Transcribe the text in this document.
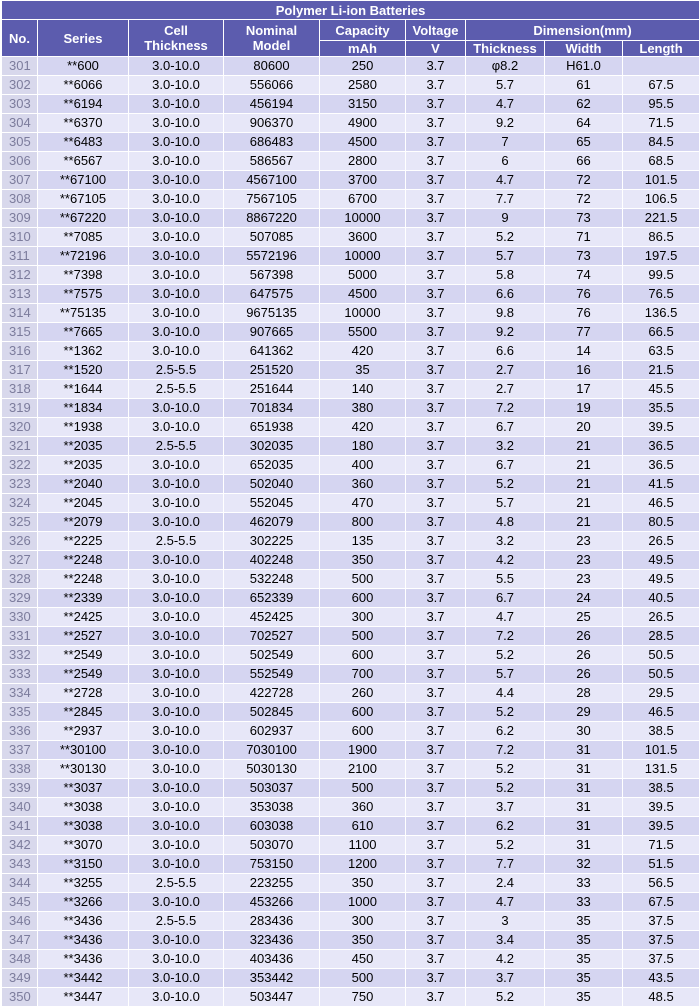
Polymer Li-ion Batteries								
No.	Series	Cell Thickness	Nominal Model	Capacity	Voltage	Dimension(mm)		
				mAh	V	Thickness	Width	Length
301	**600	3.0-10.0	80600	250	3.7	φ8.2	H61.0	
302	**6066	3.0-10.0	556066	2580	3.7	5.7	61	67.5
303	**6194	3.0-10.0	456194	3150	3.7	4.7	62	95.5
304	**6370	3.0-10.0	906370	4900	3.7	9.2	64	71.5
305	**6483	3.0-10.0	686483	4500	3.7	7	65	84.5
306	**6567	3.0-10.0	586567	2800	3.7	6	66	68.5
307	**67100	3.0-10.0	4567100	3700	3.7	4.7	72	101.5
308	**67105	3.0-10.0	7567105	6700	3.7	7.7	72	106.5
309	**67220	3.0-10.0	8867220	10000	3.7	9	73	221.5
310	**7085	3.0-10.0	507085	3600	3.7	5.2	71	86.5
311	**72196	3.0-10.0	5572196	10000	3.7	5.7	73	197.5
312	**7398	3.0-10.0	567398	5000	3.7	5.8	74	99.5
313	**7575	3.0-10.0	647575	4500	3.7	6.6	76	76.5
314	**75135	3.0-10.0	9675135	10000	3.7	9.8	76	136.5
315	**7665	3.0-10.0	907665	5500	3.7	9.2	77	66.5
316	**1362	3.0-10.0	641362	420	3.7	6.6	14	63.5
317	**1520	2.5-5.5	251520	35	3.7	2.7	16	21.5
318	**1644	2.5-5.5	251644	140	3.7	2.7	17	45.5
319	**1834	3.0-10.0	701834	380	3.7	7.2	19	35.5
320	**1938	3.0-10.0	651938	420	3.7	6.7	20	39.5
321	**2035	2.5-5.5	302035	180	3.7	3.2	21	36.5
322	**2035	3.0-10.0	652035	400	3.7	6.7	21	36.5
323	**2040	3.0-10.0	502040	360	3.7	5.2	21	41.5
324	**2045	3.0-10.0	552045	470	3.7	5.7	21	46.5
325	**2079	3.0-10.0	462079	800	3.7	4.8	21	80.5
326	**2225	2.5-5.5	302225	135	3.7	3.2	23	26.5
327	**2248	3.0-10.0	402248	350	3.7	4.2	23	49.5
328	**2248	3.0-10.0	532248	500	3.7	5.5	23	49.5
329	**2339	3.0-10.0	652339	600	3.7	6.7	24	40.5
330	**2425	3.0-10.0	452425	300	3.7	4.7	25	26.5
331	**2527	3.0-10.0	702527	500	3.7	7.2	26	28.5
332	**2549	3.0-10.0	502549	600	3.7	5.2	26	50.5
333	**2549	3.0-10.0	552549	700	3.7	5.7	26	50.5
334	**2728	3.0-10.0	422728	260	3.7	4.4	28	29.5
335	**2845	3.0-10.0	502845	600	3.7	5.2	29	46.5
336	**2937	3.0-10.0	602937	600	3.7	6.2	30	38.5
337	**30100	3.0-10.0	7030100	1900	3.7	7.2	31	101.5
338	**30130	3.0-10.0	5030130	2100	3.7	5.2	31	131.5
339	**3037	3.0-10.0	503037	500	3.7	5.2	31	38.5
340	**3038	3.0-10.0	353038	360	3.7	3.7	31	39.5
341	**3038	3.0-10.0	603038	610	3.7	6.2	31	39.5
342	**3070	3.0-10.0	503070	1100	3.7	5.2	31	71.5
343	**3150	3.0-10.0	753150	1200	3.7	7.7	32	51.5
344	**3255	2.5-5.5	223255	350	3.7	2.4	33	56.5
345	**3266	3.0-10.0	453266	1000	3.7	4.7	33	67.5
346	**3436	2.5-5.5	283436	300	3.7	3	35	37.5
347	**3436	3.0-10.0	323436	350	3.7	3.4	35	37.5
348	**3436	3.0-10.0	403436	450	3.7	4.2	35	37.5
349	**3442	3.0-10.0	353442	500	3.7	3.7	35	43.5
350	**3447	3.0-10.0	503447	750	3.7	5.2	35	48.5
